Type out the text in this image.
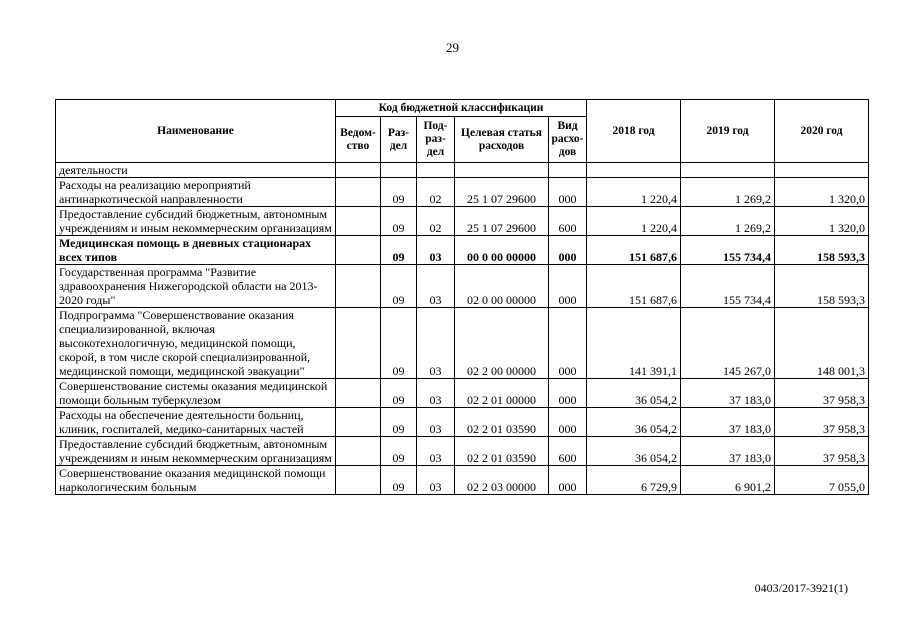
29
Наименование	Код бюджетной классификации					2018 год	2019 год	2020 год
	Ведом-ство	Раз-дел	Под-раз-дел	Целевая статья расходов	Вид расхо-дов			
деятельности								
Расходы на реализацию мероприятий антинаркотической направленности		09	02	25 1 07 29600	000	1 220,4	1 269,2	1 320,0
Предоставление субсидий бюджетным, автономным учреждениям и иным некоммерческим организациям		09	02	25 1 07 29600	600	1 220,4	1 269,2	1 320,0
Медицинская помощь в дневных стационарах всех типов		09	03	00 0 00 00000	000	151 687,6	155 734,4	158 593,3
Государственная программа "Развитие здравоохранения Нижегородской области на 2013-2020 годы"		09	03	02 0 00 00000	000	151 687,6	155 734,4	158 593,3
Подпрограмма "Совершенствование оказания специализированной, включая высокотехнологичную, медицинской помощи, скорой, в том числе скорой специализированной, медицинской помощи, медицинской эвакуации"		09	03	02 2 00 00000	000	141 391,1	145 267,0	148 001,3
Совершенствование системы оказания медицинской помощи больным туберкулезом		09	03	02 2 01 00000	000	36 054,2	37 183,0	37 958,3
Расходы на обеспечение деятельности больниц, клиник, госпиталей, медико-санитарных частей		09	03	02 2 01 03590	000	36 054,2	37 183,0	37 958,3
Предоставление субсидий бюджетным, автономным учреждениям и иным некоммерческим организациям		09	03	02 2 01 03590	600	36 054,2	37 183,0	37 958,3
Совершенствование оказания медицинской помощи наркологическим больным		09	03	02 2 03 00000	000	6 729,9	6 901,2	7 055,0
0403/2017-3921(1)
